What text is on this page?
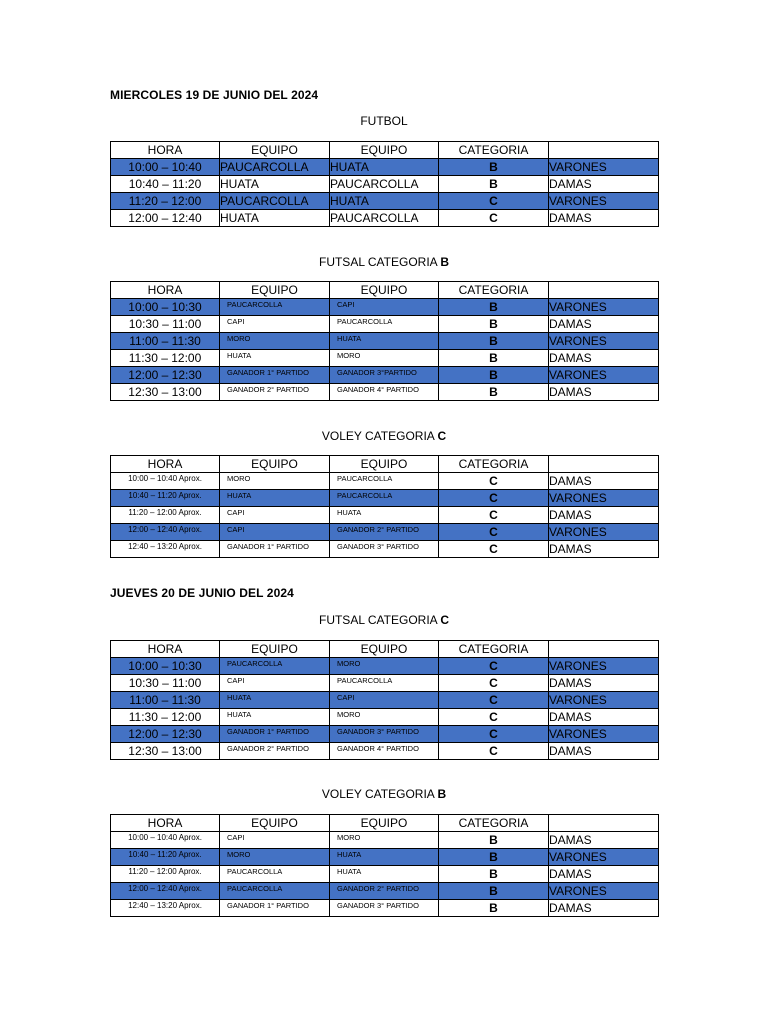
MIERCOLES 19 DE JUNIO DEL 2024
FUTBOL
HORA	EQUIPO	EQUIPO	CATEGORIA	
10:00 – 10:40	PAUCARCOLLA	HUATA	B	VARONES
10:40 – 11:20	HUATA	PAUCARCOLLA	B	DAMAS
11:20 – 12:00	PAUCARCOLLA	HUATA	C	VARONES
12:00 – 12:40	HUATA	PAUCARCOLLA	C	DAMAS
FUTSAL CATEGORIA B
HORA	EQUIPO	EQUIPO	CATEGORIA	
10:00 – 10:30	PAUCARCOLLA	CAPI	B	VARONES
10:30 – 11:00	CAPI	PAUCARCOLLA	B	DAMAS
11:00 – 11:30	MORO	HUATA	B	VARONES
11:30 – 12:00	HUATA	MORO	B	DAMAS
12:00 – 12:30	GANADOR 1° PARTIDO	GANADOR 3°PARTIDO	B	VARONES
12:30 – 13:00	GANADOR 2° PARTIDO	GANADOR 4° PARTIDO	B	DAMAS
VOLEY CATEGORIA C
HORA	EQUIPO	EQUIPO	CATEGORIA	
10:00 – 10:40 Aprox.	MORO	PAUCARCOLLA	C	DAMAS
10:40 – 11:20 Aprox.	HUATA	PAUCARCOLLA	C	VARONES
11:20 – 12:00 Aprox.	CAPI	HUATA	C	DAMAS
12:00 – 12:40 Aprox.	CAPI	GANADOR 2° PARTIDO	C	VARONES
12:40 – 13:20 Aprox.	GANADOR 1° PARTIDO	GANADOR 3° PARTIDO	C	DAMAS
JUEVES 20 DE JUNIO DEL 2024
FUTSAL CATEGORIA C
HORA	EQUIPO	EQUIPO	CATEGORIA	
10:00 – 10:30	PAUCARCOLLA	MORO	C	VARONES
10:30 – 11:00	CAPI	PAUCARCOLLA	C	DAMAS
11:00 – 11:30	HUATA	CAPI	C	VARONES
11:30 – 12:00	HUATA	MORO	C	DAMAS
12:00 – 12:30	GANADOR 1° PARTIDO	GANADOR 3° PARTIDO	C	VARONES
12:30 – 13:00	GANADOR 2° PARTIDO	GANADOR 4° PARTIDO	C	DAMAS
VOLEY CATEGORIA B
HORA	EQUIPO	EQUIPO	CATEGORIA	
10:00 – 10:40 Aprox.	CAPI	MORO	B	DAMAS
10:40 – 11:20 Aprox.	MORO	HUATA	B	VARONES
11:20 – 12:00 Aprox.	PAUCARCOLLA	HUATA	B	DAMAS
12:00 – 12:40 Aprox.	PAUCARCOLLA	GANADOR 2° PARTIDO	B	VARONES
12:40 – 13:20 Aprox.	GANADOR 1° PARTIDO	GANADOR 3° PARTIDO	B	DAMAS
